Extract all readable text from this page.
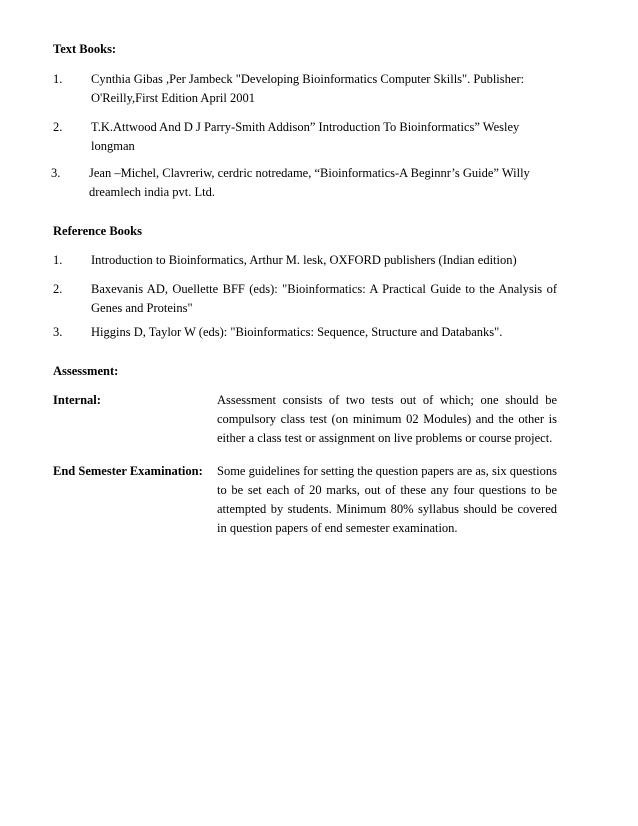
Text Books:
1. Cynthia Gibas ,Per Jambeck "Developing Bioinformatics Computer Skills". Publisher: O'Reilly,First Edition April 2001
2. T.K.Attwood And D J Parry-Smith Addison” Introduction To Bioinformatics” Wesley longman
3. Jean –Michel, Clavreriw, cerdric notredame, “Bioinformatics-A Beginnr’s Guide” Willy dreamlech india pvt. Ltd.
Reference Books
1. Introduction to Bioinformatics, Arthur M. lesk, OXFORD publishers (Indian edition)
2. Baxevanis AD, Ouellette BFF (eds): "Bioinformatics: A Practical Guide to the Analysis of Genes and Proteins"
3. Higgins D, Taylor W (eds): "Bioinformatics: Sequence, Structure and Databanks".
Assessment:
Internal:	Assessment consists of two tests out of which; one should be compulsory class test (on minimum 02 Modules) and the other is either a class test or assignment on live problems or course project.
End Semester Examination: Some guidelines for setting the question papers are as, six questions to be set each of 20 marks, out of these any four questions to be attempted by students. Minimum 80% syllabus should be covered in question papers of end semester examination.
